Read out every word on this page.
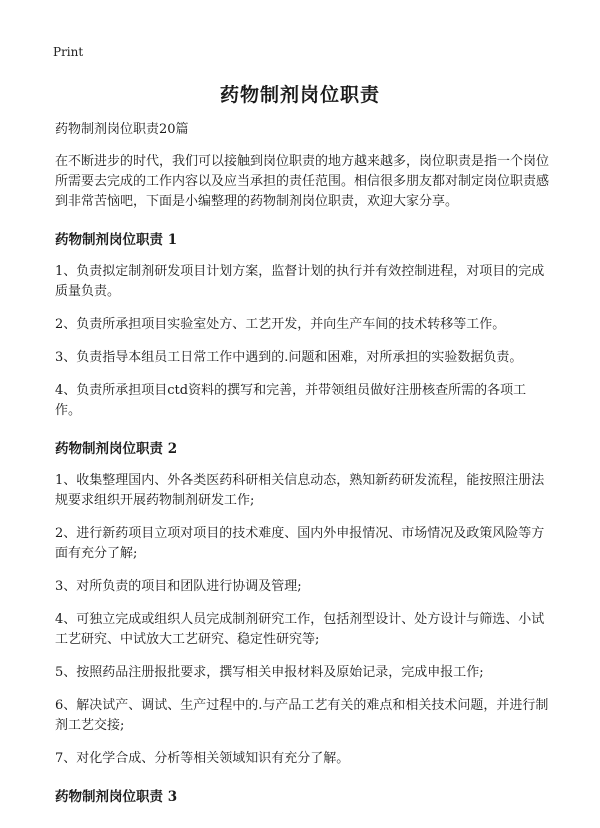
Print
药物制剂岗位职责

药物制剂岗位职责20篇

在不断进步的时代，我们可以接触到岗位职责的地方越来越多，岗位职责是指一个岗位所需要去完成的工作内容以及应当承担的责任范围。相信很多朋友都对制定岗位职责感到非常苦恼吧，下面是小编整理的药物制剂岗位职责，欢迎大家分享。

药物制剂岗位职责 1

1、负责拟定制剂研发项目计划方案，监督计划的执行并有效控制进程，对项目的完成质量负责。

2、负责所承担项目实验室处方、工艺开发，并向生产车间的技术转移等工作。

3、负责指导本组员工日常工作中遇到的.问题和困难，对所承担的实验数据负责。

4、负责所承担项目ctd资料的撰写和完善，并带领组员做好注册核查所需的各项工作。

药物制剂岗位职责 2

1、收集整理国内、外各类医药科研相关信息动态，熟知新药研发流程，能按照注册法规要求组织开展药物制剂研发工作;

2、进行新药项目立项对项目的技术难度、国内外申报情况、市场情况及政策风险等方面有充分了解;

3、对所负责的项目和团队进行协调及管理;

4、可独立完成或组织人员完成制剂研究工作，包括剂型设计、处方设计与筛选、小试工艺研究、中试放大工艺研究、稳定性研究等;

5、按照药品注册报批要求，撰写相关申报材料及原始记录，完成申报工作;

6、解决试产、调试、生产过程中的.与产品工艺有关的难点和相关技术问题，并进行制剂工艺交接;

7、对化学合成、分析等相关领域知识有充分了解。

药物制剂岗位职责 3
